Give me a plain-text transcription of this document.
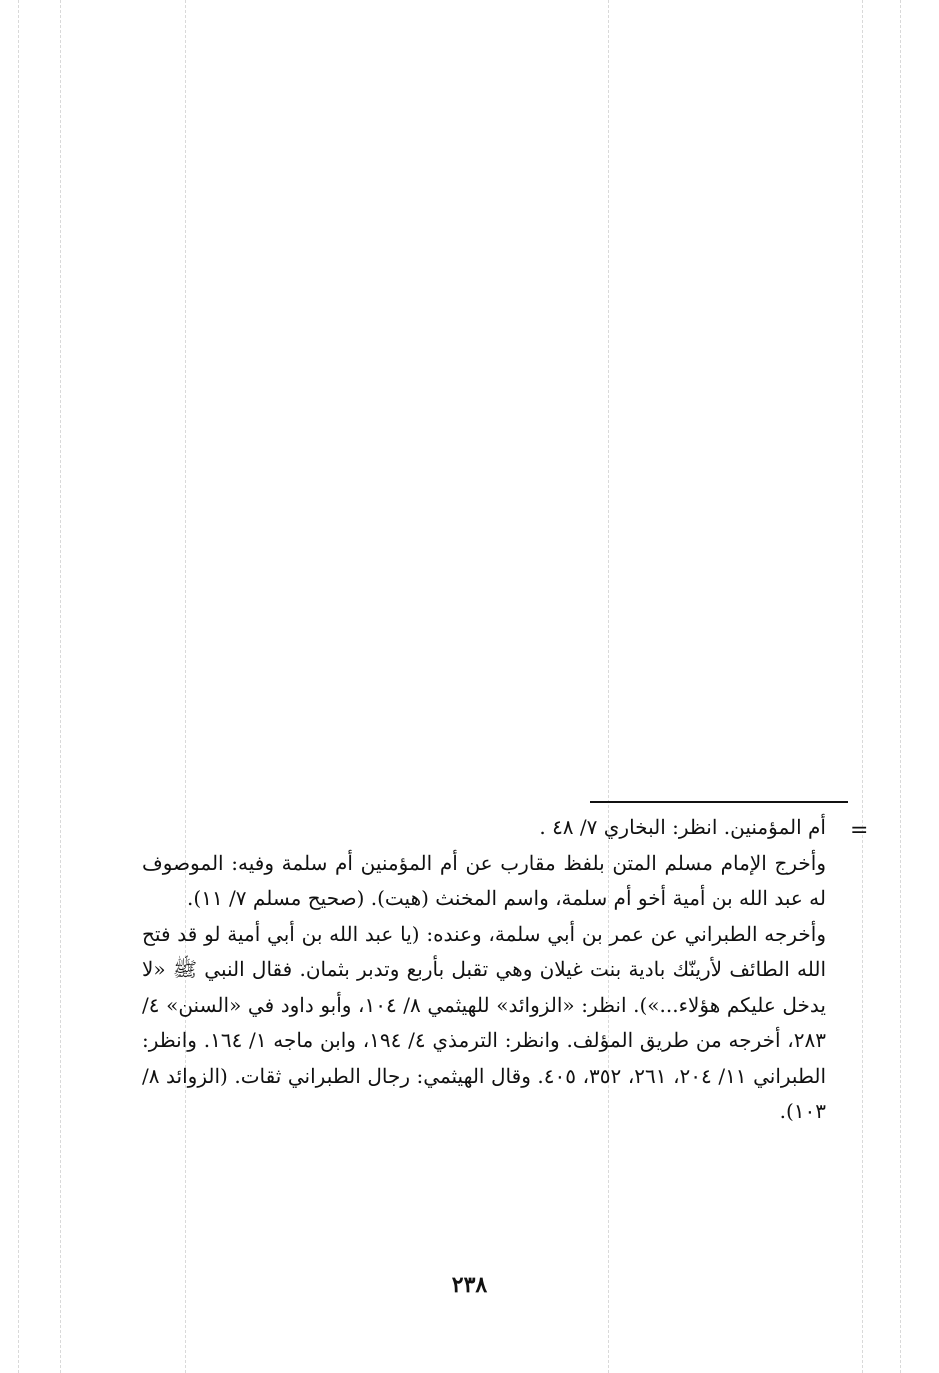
=

أم المؤمنين. انظر: البخاري ٧/ ٤٨ .

وأخرج الإمام مسلم المتن بلفظ مقارب عن أم المؤمنين أم سلمة وفيه: الموصوف له عبد الله بن أمية أخو أم سلمة، واسم المخنث (هيت). (صحيح مسلم ٧/ ١١).

وأخرجه الطبراني عن عمر بن أبي سلمة، وعنده: (يا عبد الله بن أبي أمية لو قد فتح الله الطائف لأرينّك بادية بنت غيلان وهي تقبل بأربع وتدبر بثمان. فقال النبي ﷺ «لا يدخل عليكم هؤلاء...»). انظر: «الزوائد» للهيثمي ٨/ ١٠٤، وأبو داود في «السنن» ٤/ ٢٨٣، أخرجه من طريق المؤلف. وانظر: الترمذي ٤/ ١٩٤، وابن ماجه ١/ ١٦٤. وانظر: الطبراني ١١/ ٢٠٤، ٢٦١، ٣٥٢، ٤٠٥. وقال الهيثمي: رجال الطبراني ثقات. (الزوائد ٨/ ١٠٣).

٢٣٨
